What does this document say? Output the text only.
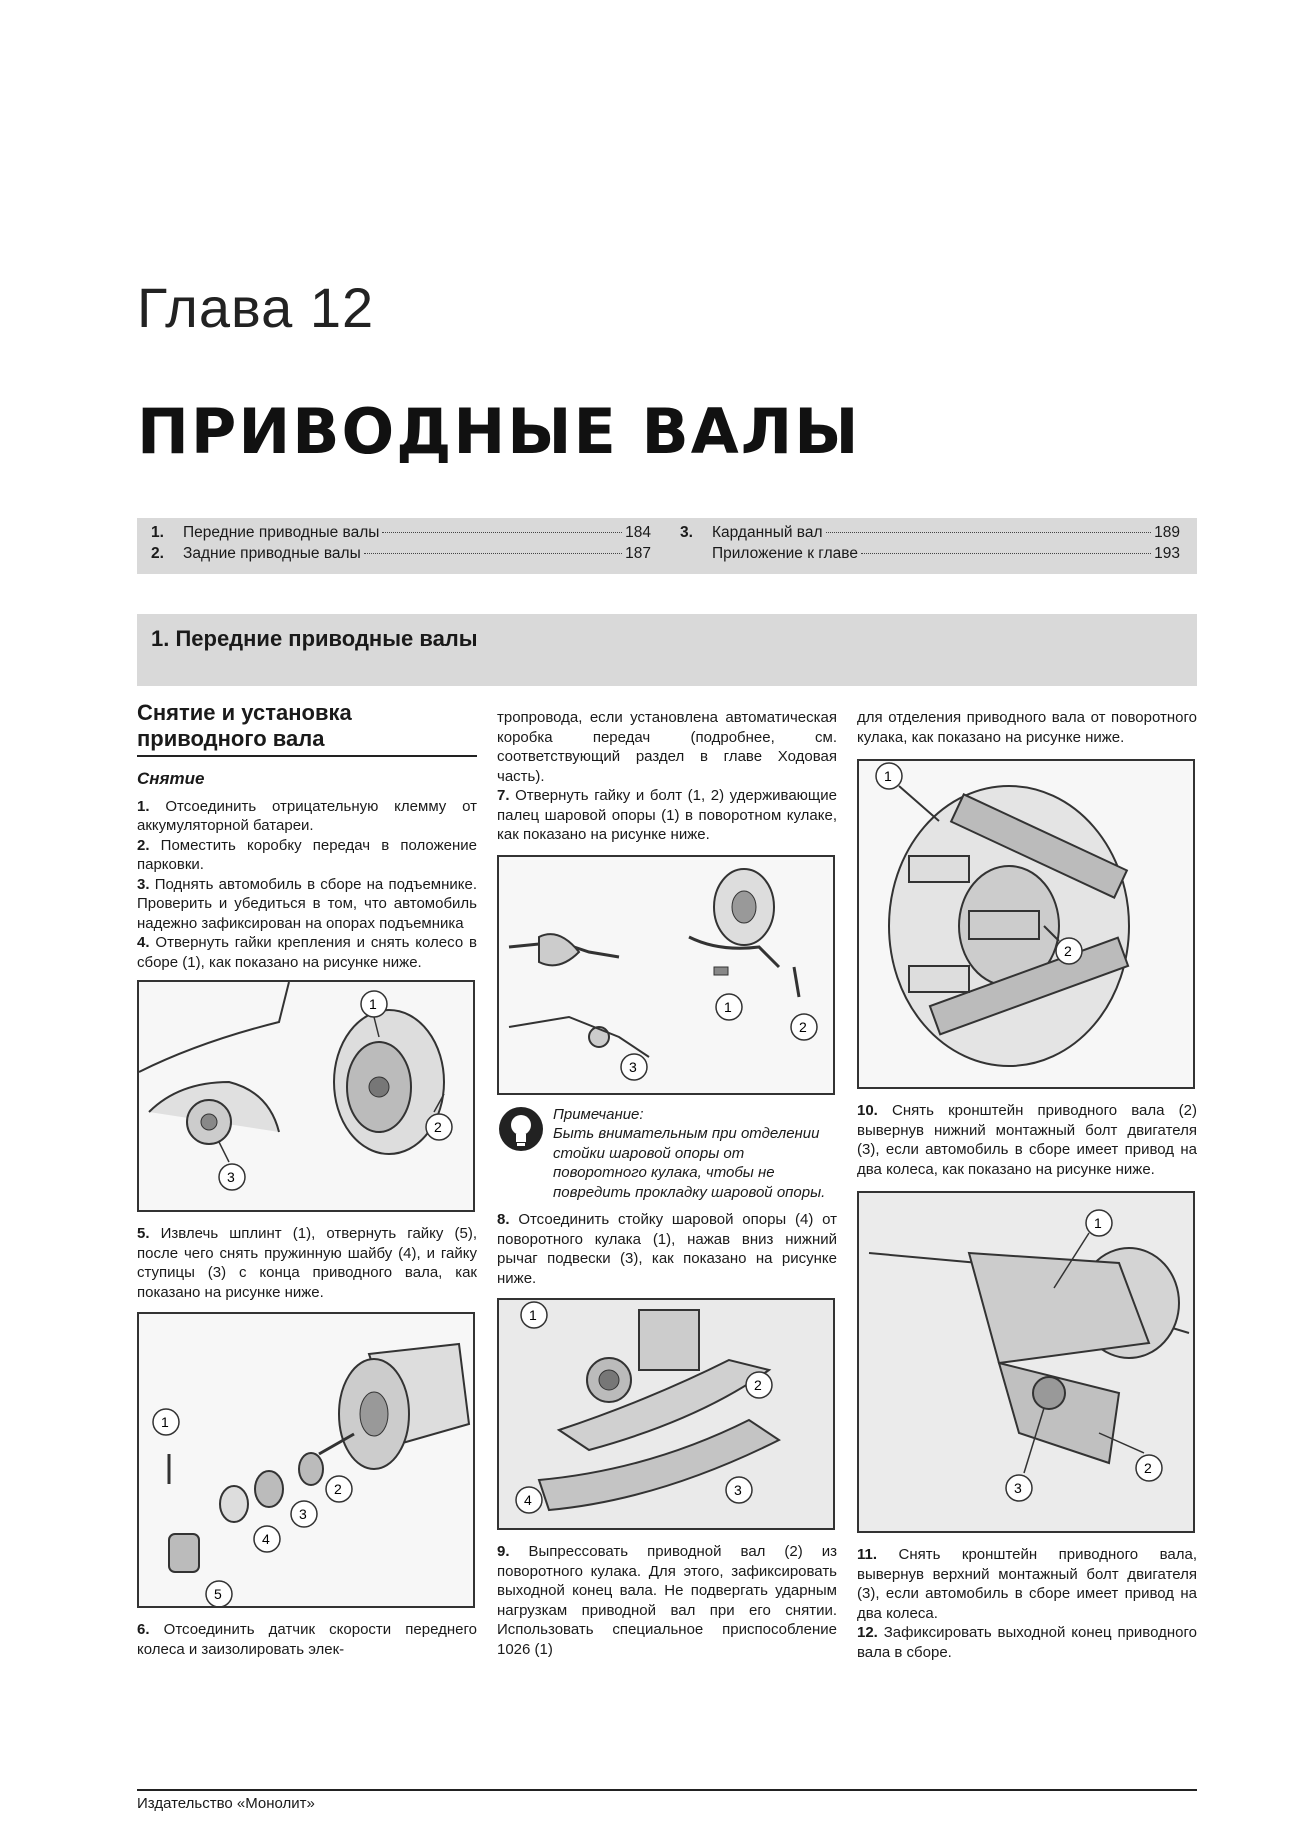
Глава 12
ПРИВОДНЫЕ ВАЛЫ
1.	Передние приводные валы	184
2.	Задние приводные валы	187
3.	Карданный вал	189
Приложение к главе	193
1. Передние приводные валы
Снятие и установка приводного вала
Снятие

1. Отсоединить отрицательную клемму от аккумуляторной батареи.

2. Поместить коробку передач в положение парковки.

3. Поднять автомобиль в сборе на подъемнике. Проверить и убедиться в том, что автомобиль надежно зафиксирован на опорах подъемника

4. Отвернуть гайки крепления и снять колесо в сборе (1), как показано на рисунке ниже.

1
2
3

5. Извлечь шплинт (1), отвернуть гайку (5), после чего снять пружинную шайбу (4), и гайку ступицы (3) с конца приводного вала, как показано на рисунке ниже.

1
2
3
4
5

6. Отсоединить датчик скорости переднего колеса и заизолировать элек-

тропровода, если установлена автоматическая коробка передач (подробнее, см. соответствующий раздел в главе Ходовая часть).

7. Отвернуть гайку и болт (1, 2) удерживающие палец шаровой опоры (1) в поворотном кулаке, как показано на рисунке ниже.

1
2
3
Примечание:
Быть внимательным при отделении стойки шаровой опоры от поворотного кулака, чтобы не повредить прокладку шаровой опоры.

8. Отсоединить стойку шаровой опоры (4) от поворотного кулака (1), нажав вниз нижний рычаг подвески (3), как показано на рисунке ниже.

1
2
3
4

9. Выпрессовать приводной вал (2) из поворотного кулака. Для этого, зафиксировать выходной конец вала. Не подвергать ударным нагрузкам приводной вал при его снятии. Использовать специальное приспособление 1026 (1)

для отделения приводного вала от поворотного кулака, как показано на рисунке ниже.

1
2

10. Снять кронштейн приводного вала (2) вывернув нижний монтажный болт двигателя (3), если автомобиль в сборе имеет привод на два колеса, как показано на рисунке ниже.

1
2
3

11. Снять кронштейн приводного вала, вывернув верхний монтажный болт двигателя (3), если автомобиль в сборе имеет привод на два колеса.

12. Зафиксировать выходной конец приводного вала в сборе.

Издательство «Монолит»
